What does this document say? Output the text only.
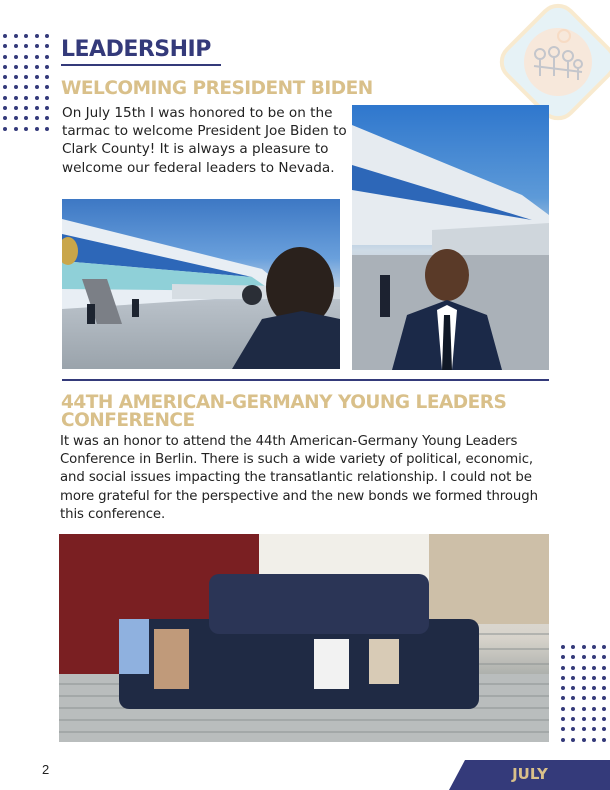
LEADERSHIP
WELCOMING PRESIDENT BIDEN
On July 15th I was honored to be on the tarmac to welcome President Joe Biden to Clark County! It is always a pleasure to welcome our federal leaders to Nevada.
44TH AMERICAN-GERMANY YOUNG LEADERS CONFERENCE
It was an honor to attend the 44th American-Germany Young Leaders Conference in Berlin. There is such a wide variety of political, economic, and social issues impacting the transatlantic relationship. I could not be more grateful for the perspective and the new bonds we formed through this conference.
2	JULY
